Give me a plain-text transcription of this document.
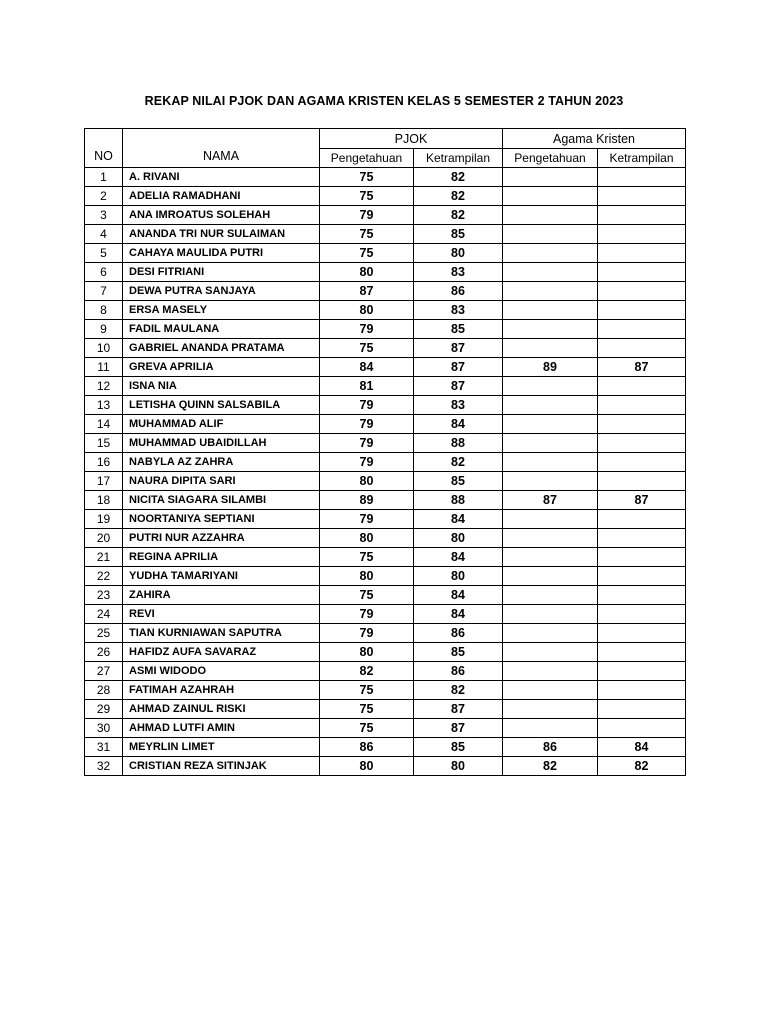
REKAP NILAI PJOK DAN AGAMA KRISTEN KELAS 5 SEMESTER 2 TAHUN 2023
NO	NAMA	PJOK		Agama Kristen	
		Pengetahuan	Ketrampilan	Pengetahuan	Ketrampilan
1	A. RIVANI	75	82		
2	ADELIA RAMADHANI	75	82		
3	ANA IMROATUS SOLEHAH	79	82		
4	ANANDA TRI NUR SULAIMAN	75	85		
5	CAHAYA MAULIDA PUTRI	75	80		
6	DESI FITRIANI	80	83		
7	DEWA PUTRA SANJAYA	87	86		
8	ERSA MASELY	80	83		
9	FADIL MAULANA	79	85		
10	GABRIEL ANANDA PRATAMA	75	87		
11	GREVA APRILIA	84	87	89	87
12	ISNA NIA	81	87		
13	LETISHA QUINN SALSABILA	79	83		
14	MUHAMMAD ALIF	79	84		
15	MUHAMMAD UBAIDILLAH	79	88		
16	NABYLA AZ ZAHRA	79	82		
17	NAURA DIPITA SARI	80	85		
18	NICITA SIAGARA SILAMBI	89	88	87	87
19	NOORTANIYA SEPTIANI	79	84		
20	PUTRI NUR AZZAHRA	80	80		
21	REGINA APRILIA	75	84		
22	YUDHA TAMARIYANI	80	80		
23	ZAHIRA	75	84		
24	REVI	79	84		
25	TIAN KURNIAWAN SAPUTRA	79	86		
26	HAFIDZ AUFA SAVARAZ	80	85		
27	ASMI WIDODO	82	86		
28	FATIMAH AZAHRAH	75	82		
29	AHMAD ZAINUL RISKI	75	87		
30	AHMAD LUTFI AMIN	75	87		
31	MEYRLIN LIMET	86	85	86	84
32	CRISTIAN REZA SITINJAK	80	80	82	82
